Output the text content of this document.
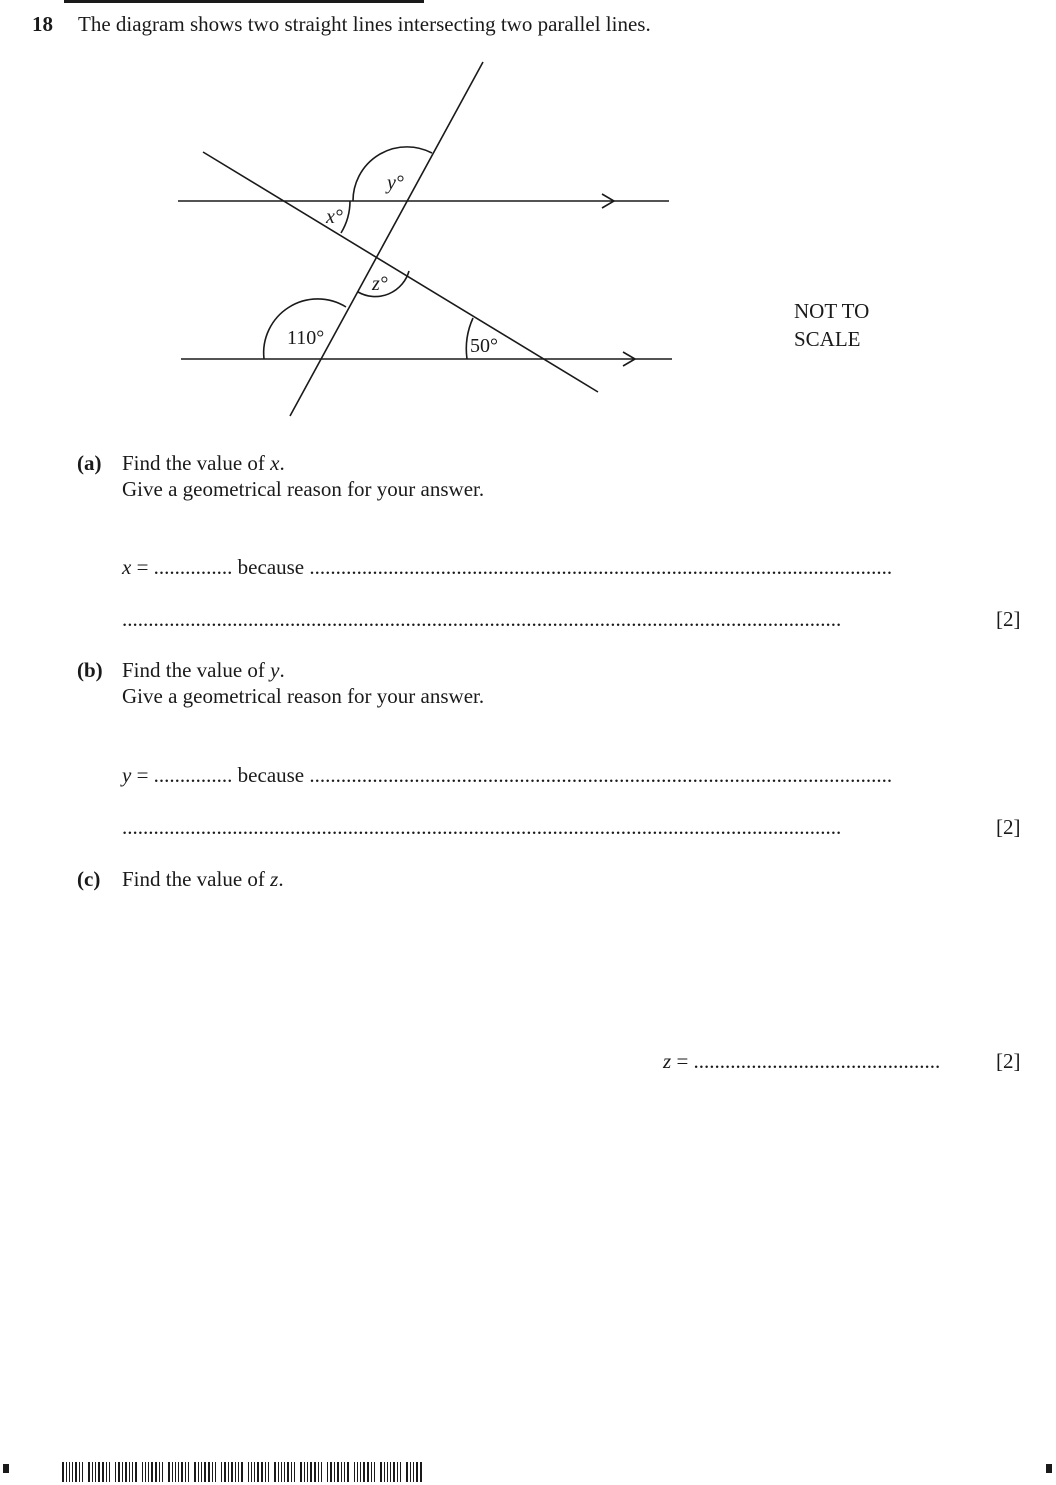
18 The diagram shows two straight lines intersecting two parallel lines.
y°
x°
z°
110°	50°
NOT TO
SCALE
(a) Find the value of x.
Give a geometrical reason for your answer.
x = ............... because ...............................................................................................................
.........................................................................................................................................	[2]
(b) Find the value of y.
Give a geometrical reason for your answer.
y = ............... because ...............................................................................................................
.........................................................................................................................................	[2]
(c) Find the value of z.
z = ...............................................	[2]
